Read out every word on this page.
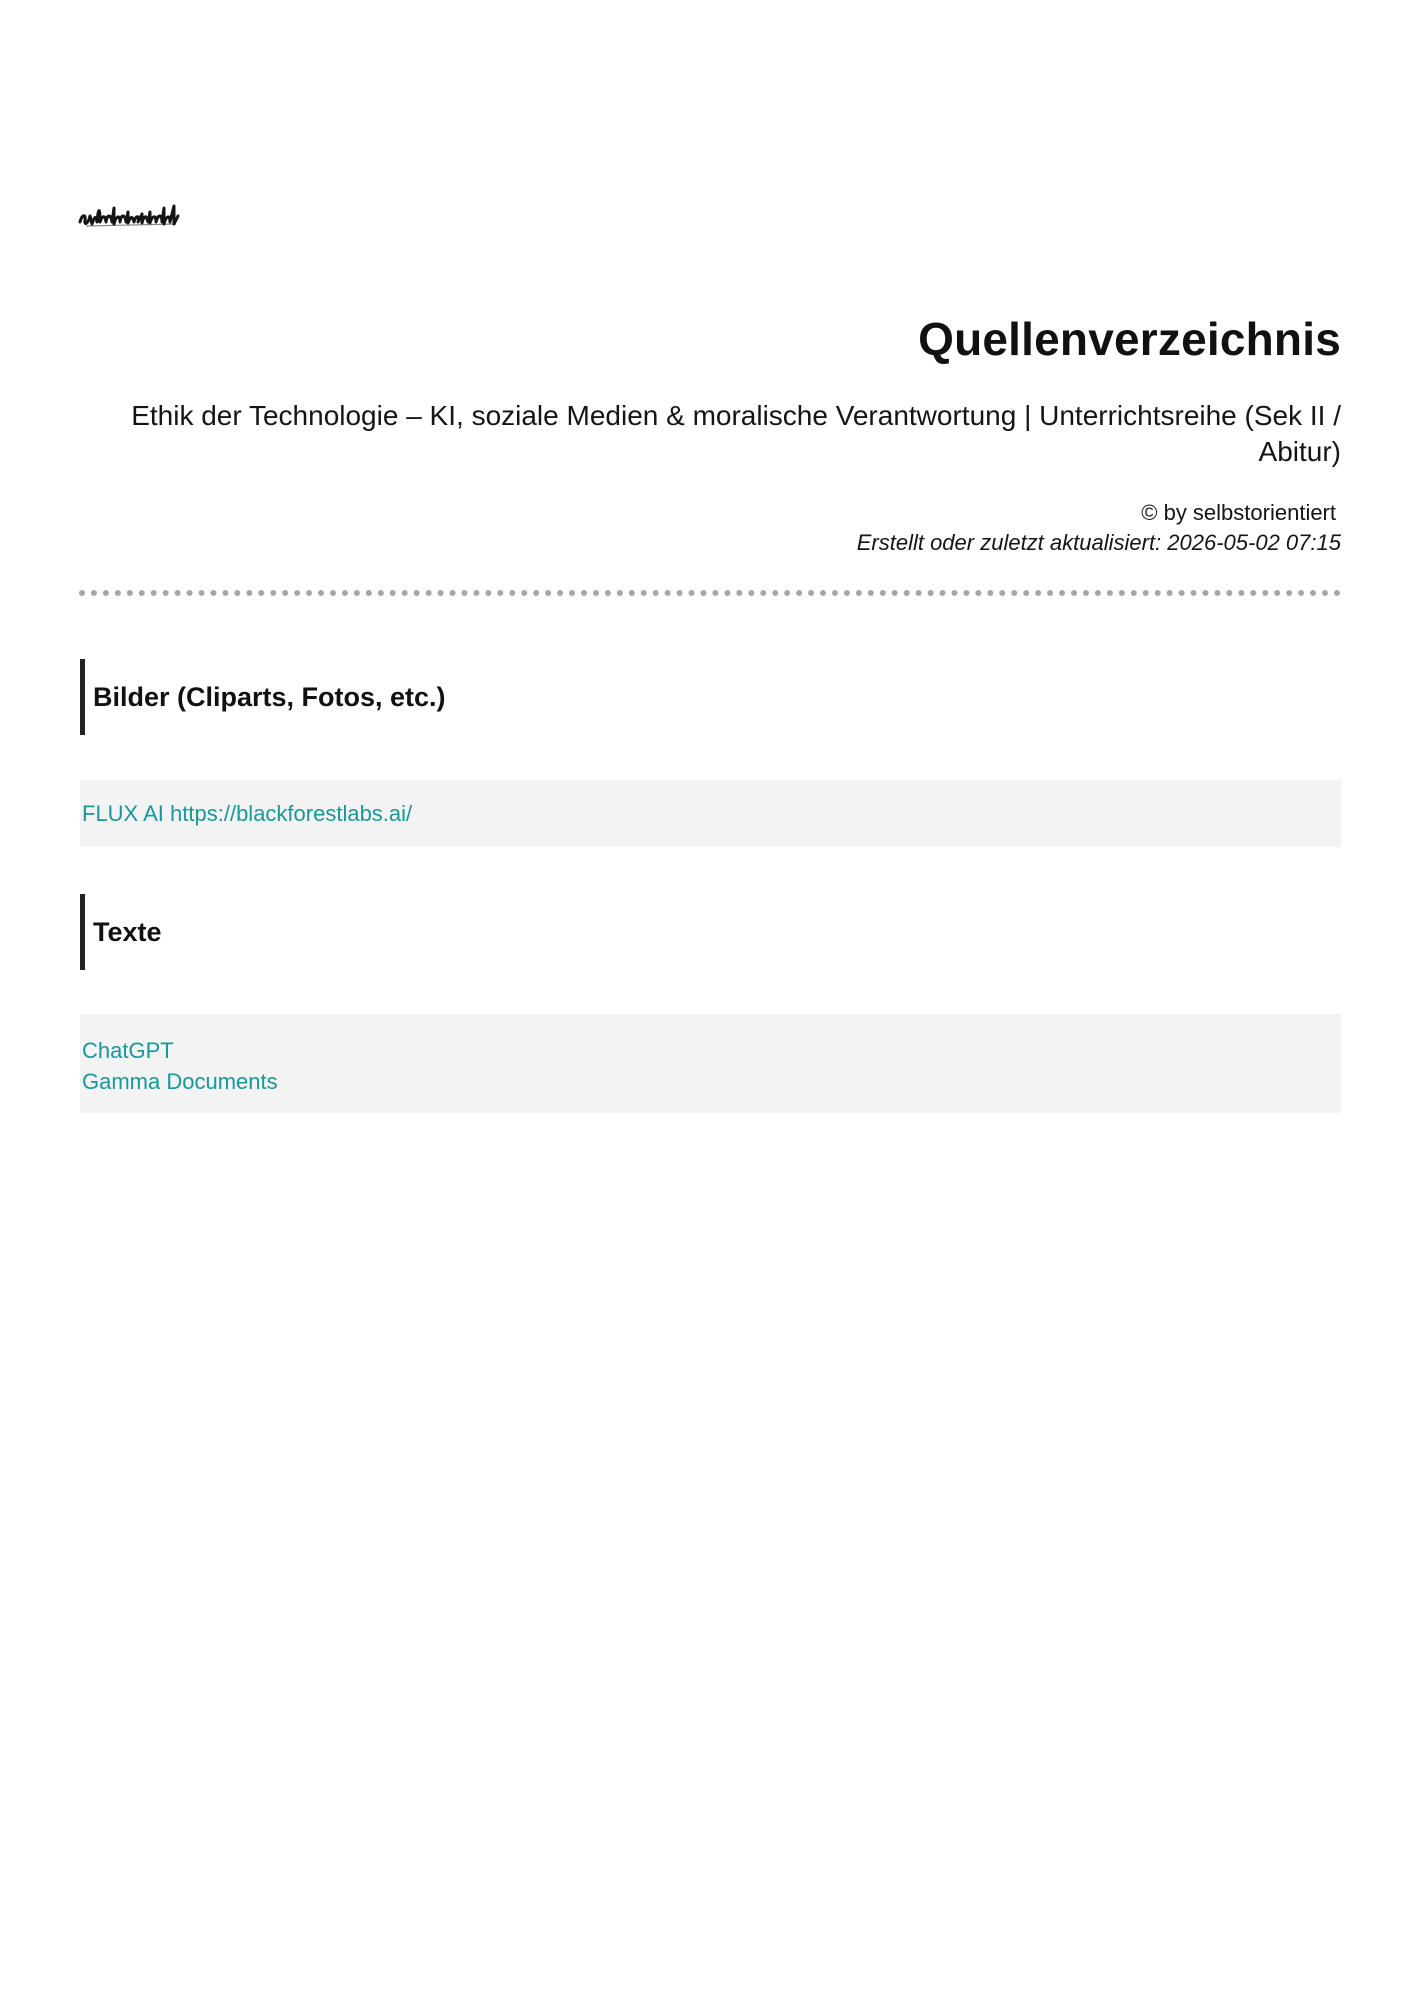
Quellenverzeichnis

Ethik der Technologie – KI, soziale Medien & moralische Verantwortung | Unterrichtsreihe (Sek II / Abitur)

© by selbstorientiert

Erstellt oder zuletzt aktualisiert: 2026-05-02 07:15

Bilder (Cliparts, Fotos, etc.)
FLUX AI https://blackforestlabs.ai/
Texte
ChatGPT
Gamma Documents
